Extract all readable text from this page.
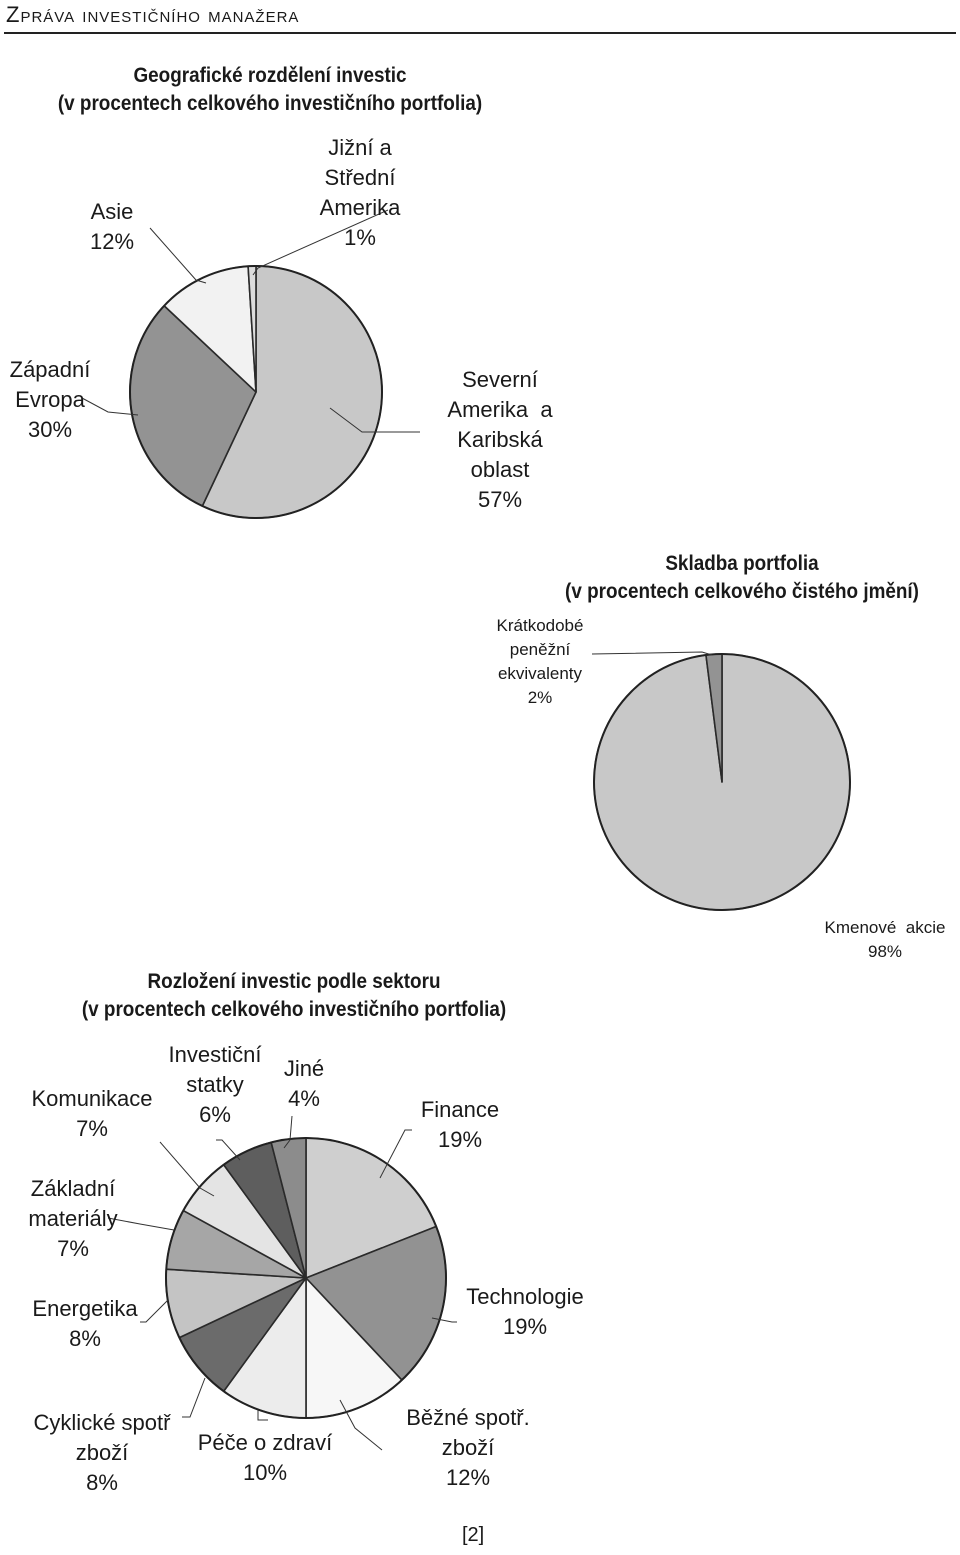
Zpráva investičního manažera
Geografické rozdělení investic
(v procentech celkového investičního portfolia)
Skladba portfolia
(v procentech celkového čistého jmění)
Rozložení investic podle sektoru
(v procentech celkového investičního portfolia)
Severní
Amerika  a
Karibská
oblast
57%
Západní
Evropa
30%
Asie
12%
Jižní a
Střední
Amerika
1%
Kmenové  akcie
98%
Krátkodobé
peněžní
ekvivalenty
2%
Finance
19%
Technologie
19%
Běžné spotř.
zboží
12%
Péče o zdraví
10%
Cyklické spotř
zboží
8%
Energetika
8%
Základní
materiály
7%
Komunikace
7%
Investiční
statky
6%
Jiné
4%
[2]
